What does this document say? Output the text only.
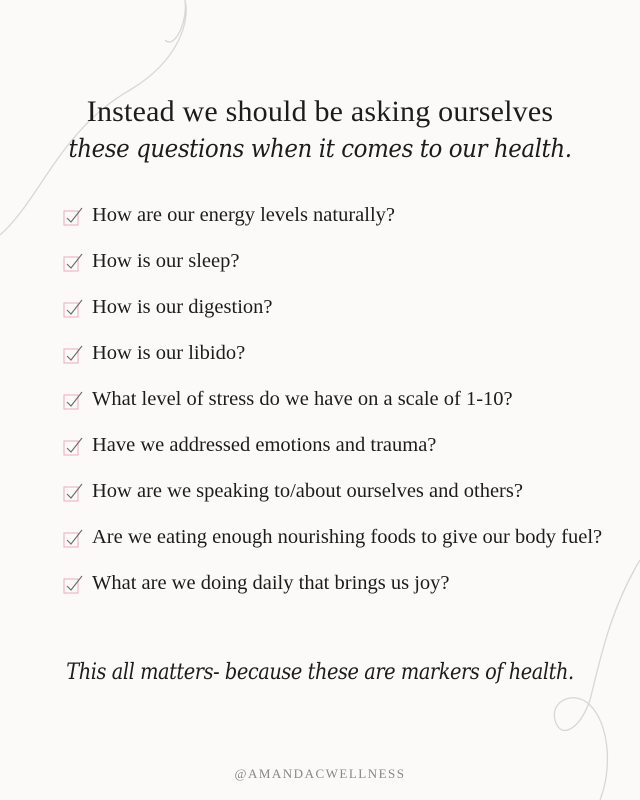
Instead we should be asking ourselves
these questions when it comes to our health.
How are our energy levels naturally?
How is our sleep?
How is our digestion?
How is our libido?
What level of stress do we have on a scale of 1-10?
Have we addressed emotions and trauma?
How are we speaking to/about ourselves and others?
Are we eating enough nourishing foods to give our body fuel?
What are we doing daily that brings us joy?
This all matters- because these are markers of health.
@AMANDACWELLNESS
